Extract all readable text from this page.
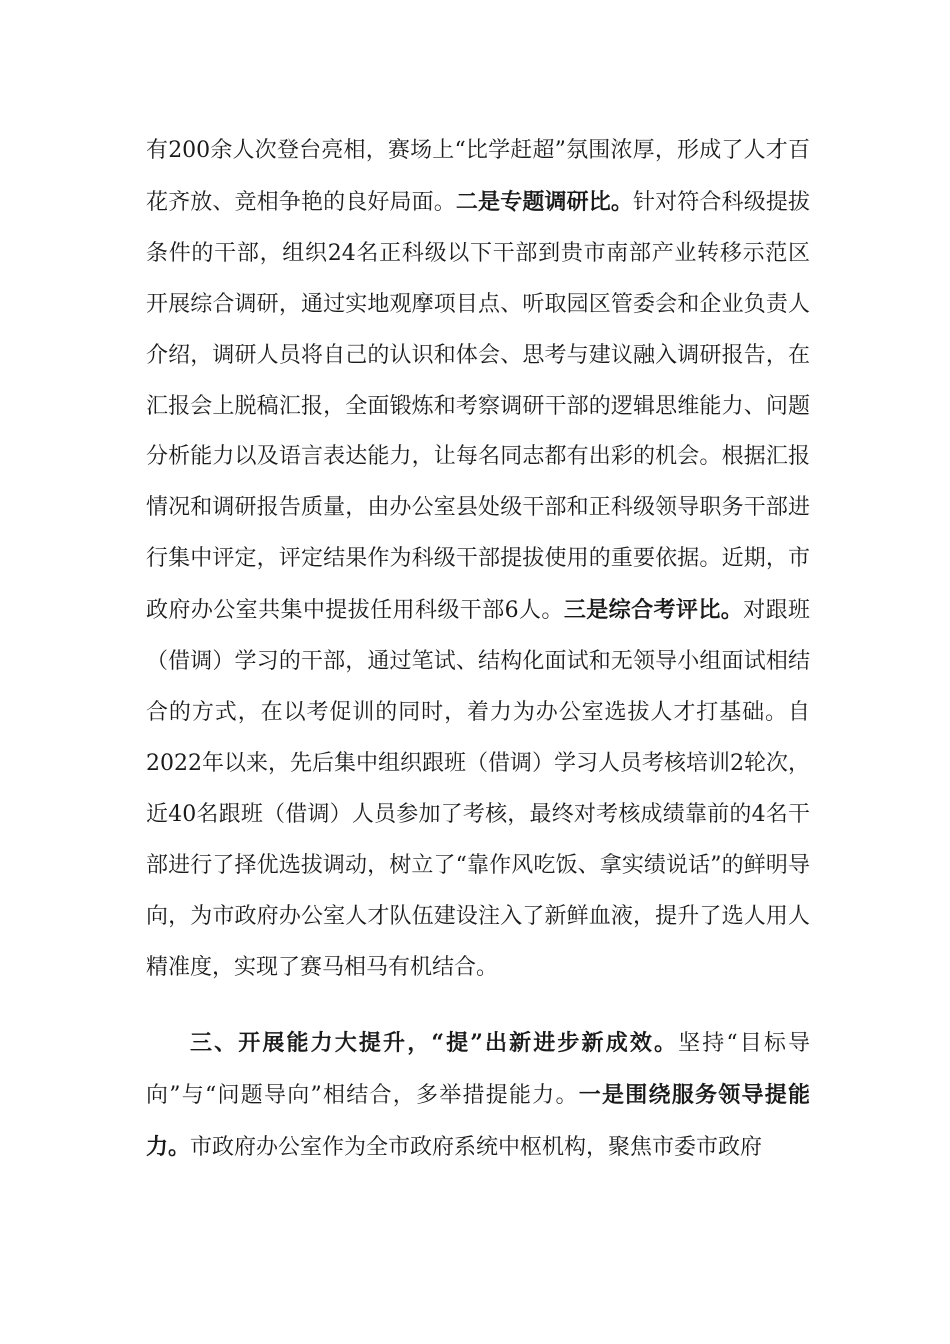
有200余人次登台亮相，赛场上“比学赶超”氛围浓厚，形成了人才百花齐放、竞相争艳的良好局面。二是专题调研比。针对符合科级提拔条件的干部，组织24名正科级以下干部到贵市南部产业转移示范区开展综合调研，通过实地观摩项目点、听取园区管委会和企业负责人介绍，调研人员将自己的认识和体会、思考与建议融入调研报告，在汇报会上脱稿汇报，全面锻炼和考察调研干部的逻辑思维能力、问题分析能力以及语言表达能力，让每名同志都有出彩的机会。根据汇报情况和调研报告质量，由办公室县处级干部和正科级领导职务干部进行集中评定，评定结果作为科级干部提拔使用的重要依据。近期，市政府办公室共集中提拔任用科级干部6人。三是综合考评比。对跟班（借调）学习的干部，通过笔试、结构化面试和无领导小组面试相结合的方式，在以考促训的同时，着力为办公室选拔人才打基础。自2022年以来，先后集中组织跟班（借调）学习人员考核培训2轮次，近40名跟班（借调）人员参加了考核，最终对考核成绩靠前的4名干部进行了择优选拔调动，树立了“靠作风吃饭、拿实绩说话”的鲜明导向，为市政府办公室人才队伍建设注入了新鲜血液，提升了选人用人精准度，实现了赛马相马有机结合。

三、开展能力大提升，“提”出新进步新成效。坚持“目标导向”与“问题导向”相结合，多举措提能力。一是围绕服务领导提能力。市政府办公室作为全市政府系统中枢机构，聚焦市委市政府
